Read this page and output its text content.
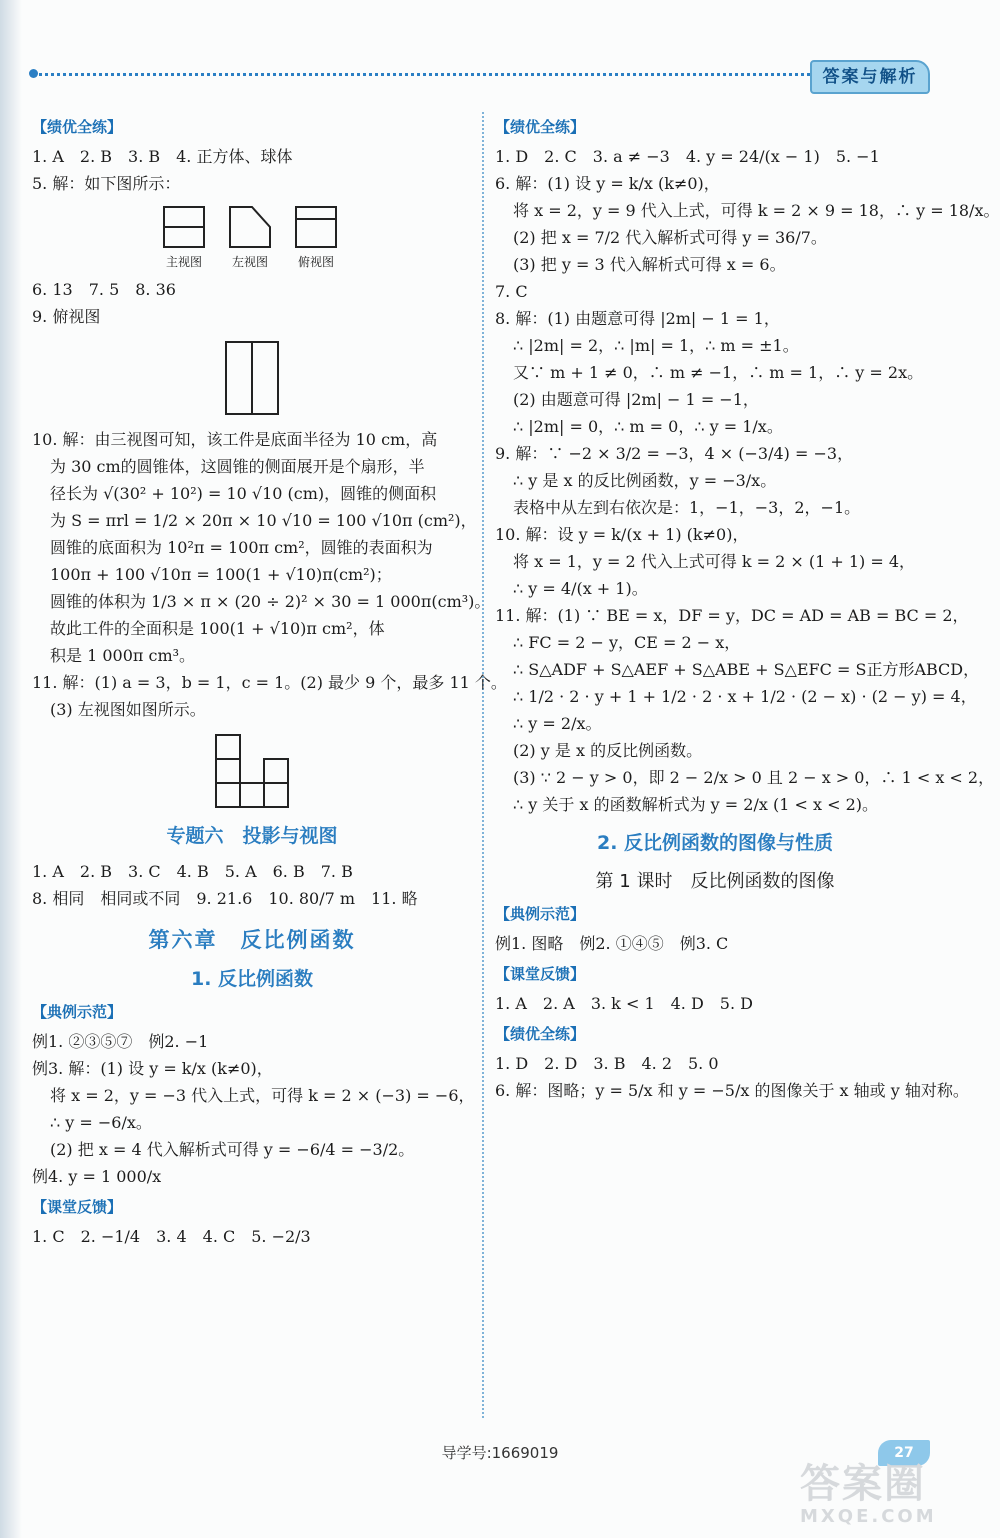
答案与解析
【绩优全练】
1. A　2. B　3. B　4. 正方体、球体
5. 解：如下图所示：
主视图	左视图	俯视图
6. 13　7. 5　8. 36
9. 俯视图
10. 解：由三视图可知，该工件是底面半径为 10 cm，高
为 30 cm的圆锥体，这圆锥的侧面展开是个扇形，半
径长为 √(30² + 10²) = 10 √10 (cm)，圆锥的侧面积
为 S = πrl = 1/2 × 20π × 10 √10 = 100 √10π (cm²)，
圆锥的底面积为 10²π = 100π cm²，圆锥的表面积为
100π + 100 √10π = 100(1 + √10)π(cm²)；
圆锥的体积为 1/3 × π × (20 ÷ 2)² × 30 = 1 000π(cm³)。
故此工件的全面积是 100(1 + √10)π cm²，体
积是 1 000π cm³。
11. 解：(1) a = 3，b = 1，c = 1。(2) 最少 9 个，最多 11 个。
(3) 左视图如图所示。
专题六　投影与视图
1. A　2. B　3. C　4. B　5. A　6. B　7. B
8. 相同　相同或不同　9. 21.6　10. 80/7 m　11. 略
第六章　反比例函数
1. 反比例函数
【典例示范】
例1. ②③⑤⑦　例2. −1
例3. 解：(1) 设 y = k/x (k≠0)，
将 x = 2，y = −3 代入上式，可得 k = 2 × (−3) = −6，
∴ y = −6/x。
(2) 把 x = 4 代入解析式可得 y = −6/4 = −3/2。
例4. y = 1 000/x
【课堂反馈】
1. C　2. −1/4　3. 4　4. C　5. −2/3
【绩优全练】
1. D　2. C　3. a ≠ −3　4. y = 24/(x − 1)　5. −1
6. 解：(1) 设 y = k/x (k≠0)，
将 x = 2，y = 9 代入上式，可得 k = 2 × 9 = 18，∴ y = 18/x。
(2) 把 x = 7/2 代入解析式可得 y = 36/7。
(3) 把 y = 3 代入解析式可得 x = 6。
7. C
8. 解：(1) 由题意可得 |2m| − 1 = 1，
∴ |2m| = 2，∴ |m| = 1，∴ m = ±1。
又∵ m + 1 ≠ 0，∴ m ≠ −1，∴ m = 1，∴ y = 2x。
(2) 由题意可得 |2m| − 1 = −1，
∴ |2m| = 0，∴ m = 0，∴ y = 1/x。
9. 解：∵ −2 × 3/2 = −3，4 × (−3/4) = −3，
∴ y 是 x 的反比例函数，y = −3/x。
表格中从左到右依次是：1，−1，−3，2，−1。
10. 解：设 y = k/(x + 1) (k≠0)，
将 x = 1，y = 2 代入上式可得 k = 2 × (1 + 1) = 4，
∴ y = 4/(x + 1)。
11. 解：(1) ∵ BE = x，DF = y，DC = AD = AB = BC = 2，
∴ FC = 2 − y，CE = 2 − x，
∴ S△ADF + S△AEF + S△ABE + S△EFC = S正方形ABCD，
∴ 1/2 · 2 · y + 1 + 1/2 · 2 · x + 1/2 · (2 − x) · (2 − y) = 4，
∴ y = 2/x。
(2) y 是 x 的反比例函数。
(3) ∵ 2 − y > 0，即 2 − 2/x > 0 且 2 − x > 0，∴ 1 < x < 2，
∴ y 关于 x 的函数解析式为 y = 2/x (1 < x < 2)。
2. 反比例函数的图像与性质
第 1 课时　反比例函数的图像
【典例示范】
例1. 图略　例2. ①④⑤　例3. C
【课堂反馈】
1. A　2. A　3. k < 1　4. D　5. D
【绩优全练】
1. D　2. D　3. B　4. 2　5. 0
6. 解：图略；y = 5/x 和 y = −5/x 的图像关于 x 轴或 y 轴对称。
导学号:1669019	27
答案圈
MXQE.COM
